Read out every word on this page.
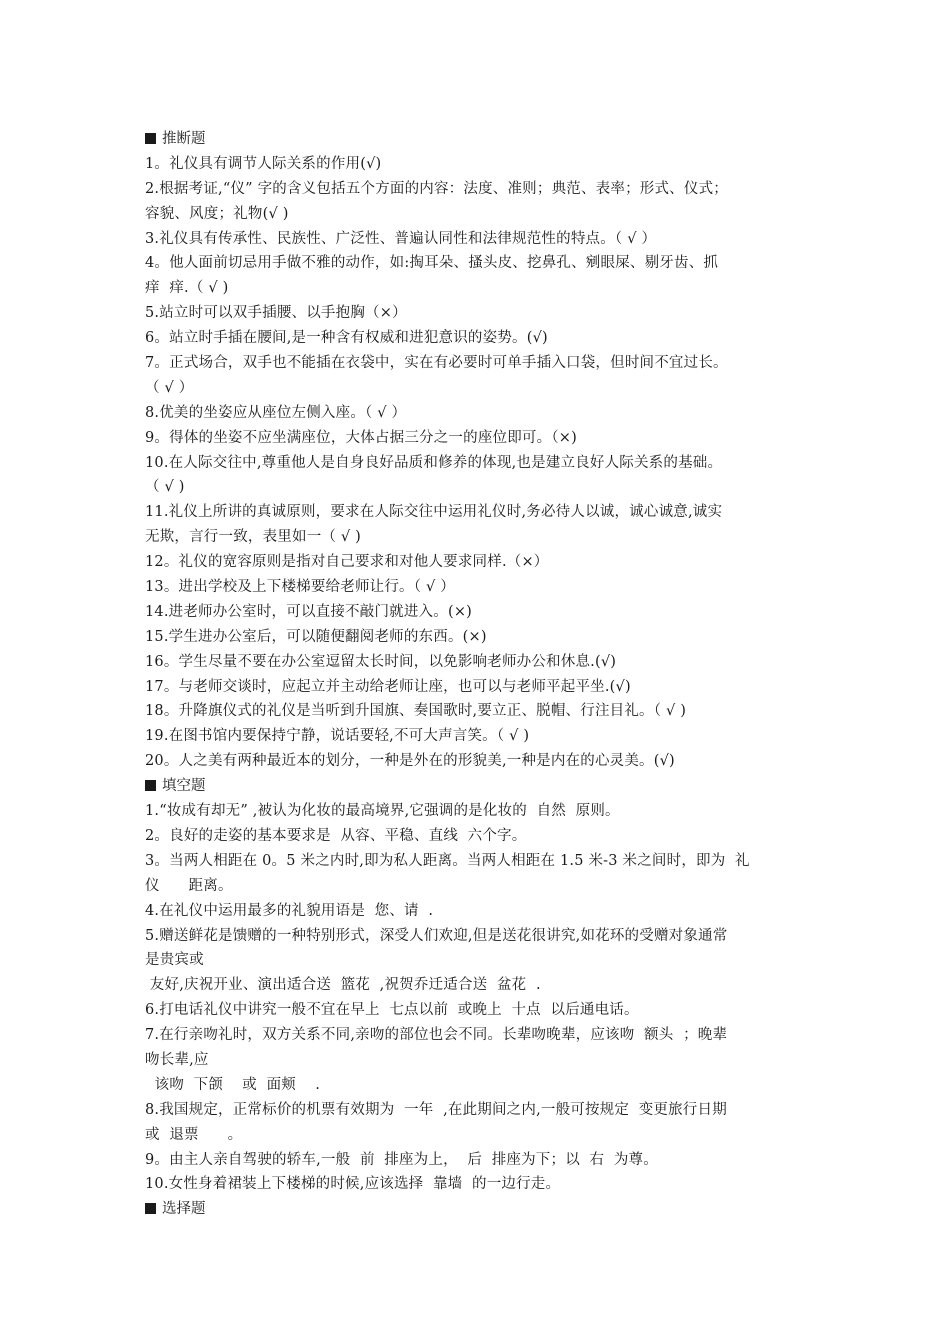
推断题
1。礼仪具有调节人际关系的作用(√)
2.根据考证,“仪” 字的含义包括五个方面的内容：法度、准则；典范、表率；形式、仪式；
容貌、风度；礼物(√ )
3.礼仪具有传承性、民族性、广泛性、普遍认同性和法律规范性的特点。（ √ ）
4。他人面前切忌用手做不雅的动作，如:掏耳朵、搔头皮、挖鼻孔、剜眼屎、剔牙齿、抓
痒  痒.（ √ )
5.站立时可以双手插腰、以手抱胸（×）
6。站立时手插在腰间,是一种含有权威和进犯意识的姿势。(√)
7。正式场合，双手也不能插在衣袋中，实在有必要时可单手插入口袋，但时间不宜过长。
（ √ ）
8.优美的坐姿应从座位左侧入座。（ √ ）
9。得体的坐姿不应坐满座位，大体占据三分之一的座位即可。（×)
10.在人际交往中,尊重他人是自身良好品质和修养的体现,也是建立良好人际关系的基础。
（ √ )
11.礼仪上所讲的真诚原则，要求在人际交往中运用礼仪时,务必待人以诚，诚心诚意,诚实
无欺，言行一致，表里如一（ √ )
12。礼仪的宽容原则是指对自己要求和对他人要求同样.（×）
13。进出学校及上下楼梯要给老师让行。（ √ ）
14.进老师办公室时，可以直接不敲门就进入。(×)
15.学生进办公室后，可以随便翻阅老师的东西。(×)
16。学生尽量不要在办公室逗留太长时间，以免影响老师办公和休息.(√)
17。与老师交谈时，应起立并主动给老师让座，也可以与老师平起平坐.(√)
18。升降旗仪式的礼仪是当听到升国旗、奏国歌时,要立正、脱帽、行注目礼。（ √ )
19.在图书馆内要保持宁静，说话要轻,不可大声言笑。（ √ )
20。人之美有两种最近本的划分，一种是外在的形貌美,一种是内在的心灵美。(√)
填空题
1.“妆成有却无” ,被认为化妆的最高境界,它强调的是化妆的  自然  原则。
2。良好的走姿的基本要求是  从容、平稳、直线  六个字。
3。当两人相距在 0。5 米之内时,即为私人距离。当两人相距在 1.5 米-3 米之间时，即为  礼
仪      距离。
4.在礼仪中运用最多的礼貌用语是  您、请  .
5.赠送鲜花是馈赠的一种特别形式，深受人们欢迎,但是送花很讲究,如花环的受赠对象通常
是贵宾或
友好,庆祝开业、演出适合送  篮花  ,祝贺乔迁适合送  盆花  .
6.打电话礼仪中讲究一般不宜在早上  七点以前  或晚上  十点  以后通电话。
7.在行亲吻礼时，双方关系不同,亲吻的部位也会不同。长辈吻晚辈，应该吻  额头  ；晚辈
吻长辈,应
该吻  下颌    或  面颊    .
8.我国规定，正常标价的机票有效期为  一年  ,在此期间之内,一般可按规定  变更旅行日期
或  退票      。
9。由主人亲自驾驶的轿车,一般  前  排座为上，  后  排座为下；以  右  为尊。
10.女性身着裙装上下楼梯的时候,应该选择  靠墙  的一边行走。
选择题
